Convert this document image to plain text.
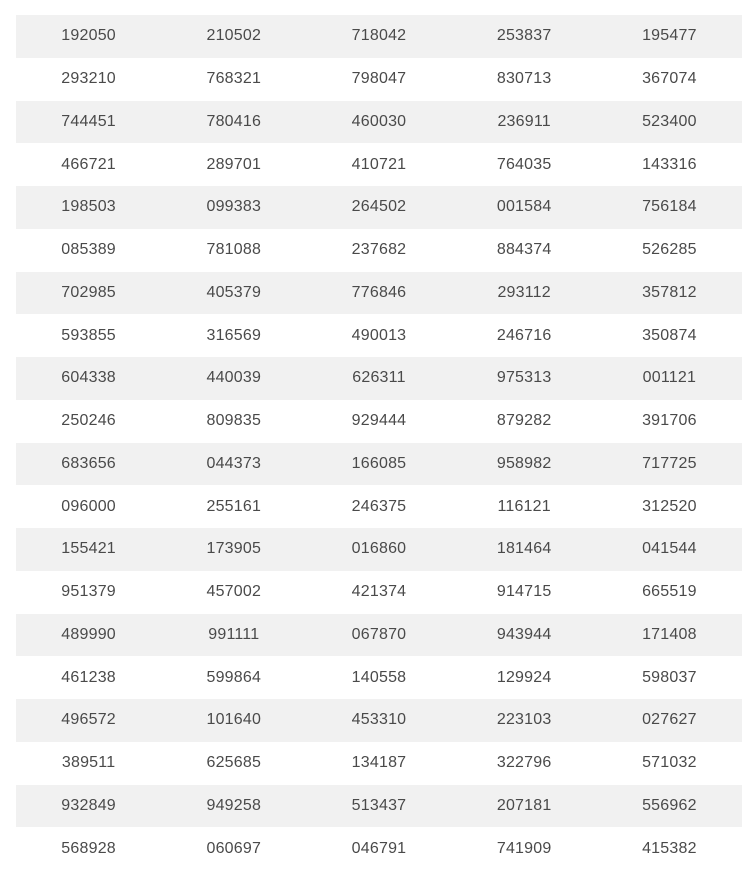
192050	210502	718042	253837	195477
293210	768321	798047	830713	367074
744451	780416	460030	236911	523400
466721	289701	410721	764035	143316
198503	099383	264502	001584	756184
085389	781088	237682	884374	526285
702985	405379	776846	293112	357812
593855	316569	490013	246716	350874
604338	440039	626311	975313	001121
250246	809835	929444	879282	391706
683656	044373	166085	958982	717725
096000	255161	246375	116121	312520
155421	173905	016860	181464	041544
951379	457002	421374	914715	665519
489990	991111	067870	943944	171408
461238	599864	140558	129924	598037
496572	101640	453310	223103	027627
389511	625685	134187	322796	571032
932849	949258	513437	207181	556962
568928	060697	046791	741909	415382
